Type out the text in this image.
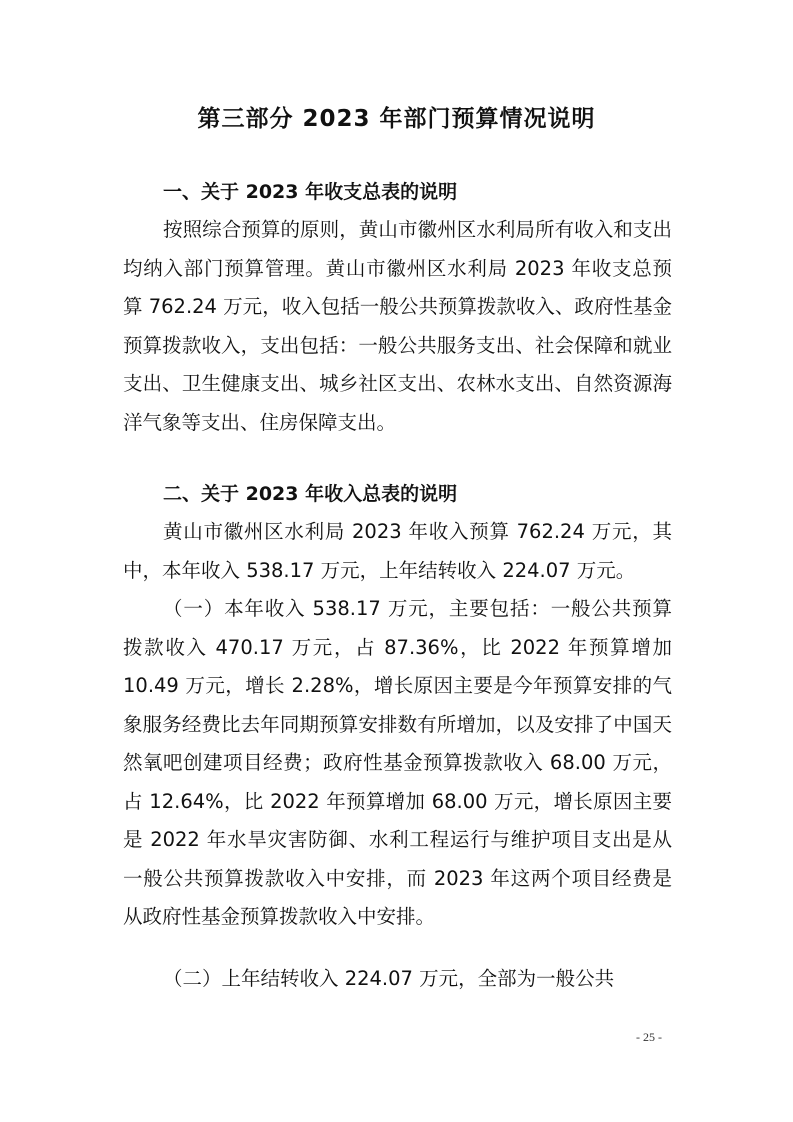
第三部分 2023 年部门预算情况说明
一、关于 2023 年收支总表的说明

按照综合预算的原则，黄山市徽州区水利局所有收入和支出均纳入部门预算管理。黄山市徽州区水利局 2023 年收支总预算 762.24 万元，收入包括一般公共预算拨款收入、政府性基金预算拨款收入，支出包括：一般公共服务支出、社会保障和就业支出、卫生健康支出、城乡社区支出、农林水支出、自然资源海洋气象等支出、住房保障支出。

二、关于 2023 年收入总表的说明

黄山市徽州区水利局 2023 年收入预算 762.24 万元，其中，本年收入 538.17 万元，上年结转收入 224.07 万元。

（一）本年收入 538.17 万元，主要包括：一般公共预算拨款收入 470.17 万元，占 87.36%，比 2022 年预算增加 10.49 万元，增长 2.28%，增长原因主要是今年预算安排的气象服务经费比去年同期预算安排数有所增加，以及安排了中国天然氧吧创建项目经费；政府性基金预算拨款收入 68.00 万元，占 12.64%，比 2022 年预算增加 68.00 万元，增长原因主要是 2022 年水旱灾害防御、水利工程运行与维护项目支出是从一般公共预算拨款收入中安排，而 2023 年这两个项目经费是从政府性基金预算拨款收入中安排。

（二）上年结转收入 224.07 万元，全部为一般公共

- 25 -
